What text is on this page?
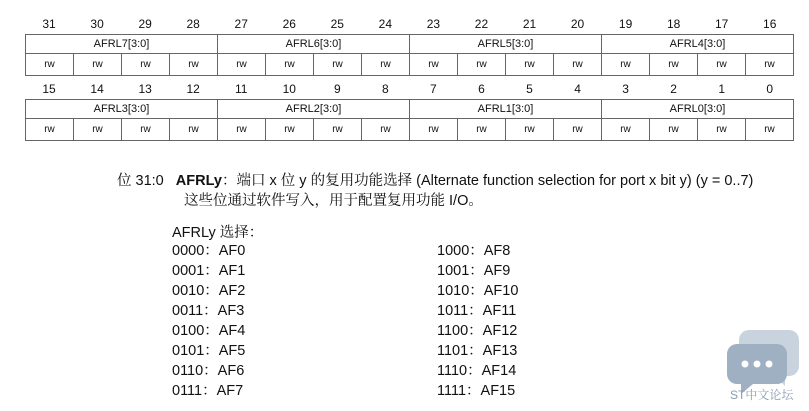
31	30	29	28	27	26	25	24	23	22	21	20	19	18	17	16
AFRL7[3:0]	AFRL6[3:0]	AFRL5[3:0]	AFRL4[3:0]
rw	rw	rw	rw	rw	rw	rw	rw	rw	rw	rw	rw	rw	rw	rw	rw
15	14	13	12	11	10	9	8	7	6	5	4	3	2	1	0
AFRL3[3:0]	AFRL2[3:0]	AFRL1[3:0]	AFRL0[3:0]
rw	rw	rw	rw	rw	rw	rw	rw	rw	rw	rw	rw	rw	rw	rw	rw
位 31:0 AFRLy：端口 x 位 y 的复用功能选择 (Alternate function selection for port x bit y) (y = 0..7)
这些位通过软件写入，用于配置复用功能 I/O。
AFRLy 选择：
0000：AF0
0001：AF1
0010：AF2
0011：AF3
0100：AF4
0101：AF5
0110：AF6
0111：AF7
1000：AF8
1001：AF9
1010：AF10
1011：AF11
1100：AF12
1101：AF13
1110：AF14
1111：AF15	ST中文论坛
